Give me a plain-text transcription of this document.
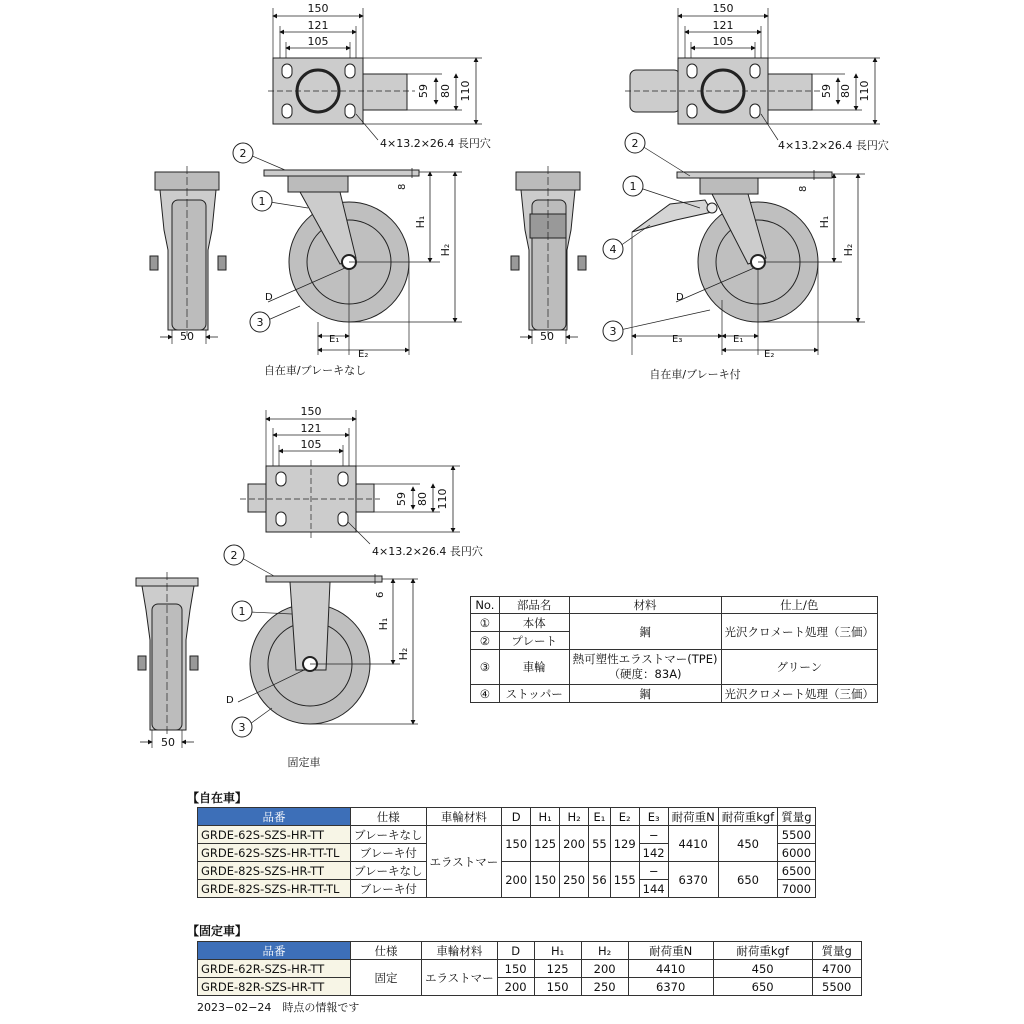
150
121
105
59 80 110
4×13.2×26.4 長円穴
50
H₁
H₂
8
E₁
E₂
D
2
1
3
自在車/ブレーキなし
150
121
105
59 80 110
4×13.2×26.4 長円穴
50
H₁
H₂
8
E₃	E₁
E₂
D
2
1
4
3
自在車/ブレーキ付
150
121
105
59 80 110
4×13.2×26.4 長円穴
50
H₁
H₂
6
D
2
1
3
固定車
No.	部品名	材料	仕上/色
①	本体	鋼	光沢クロメート処理（三価）
②	プレート		
③	車輪	熱可塑性エラストマー(TPE)
（硬度：83A)	グリーン
④	ストッパー	鋼	光沢クロメート処理（三価）
【自在車】
品番	仕様	車輪材料	D	H₁	H₂	E₁	E₂	E₃	耐荷重N	耐荷重kgf	質量g
GRDE-62S-SZS-HR-TT	ブレーキなし	エラストマー	150	125	200	55	129	−	4410	450	5500
GRDE-62S-SZS-HR-TT-TL	ブレーキ付							142			6000
GRDE-82S-SZS-HR-TT	ブレーキなし		200	150	250	56	155	−	6370	650	6500
GRDE-82S-SZS-HR-TT-TL	ブレーキ付							144			7000
【固定車】
品番	仕様	車輪材料	D	H₁	H₂	耐荷重N	耐荷重kgf	質量g
GRDE-62R-SZS-HR-TT	固定	エラストマー	150	125	200	4410	450	4700
GRDE-82R-SZS-HR-TT			200	150	250	6370	650	5500
2023−02−24　時点の情報です
